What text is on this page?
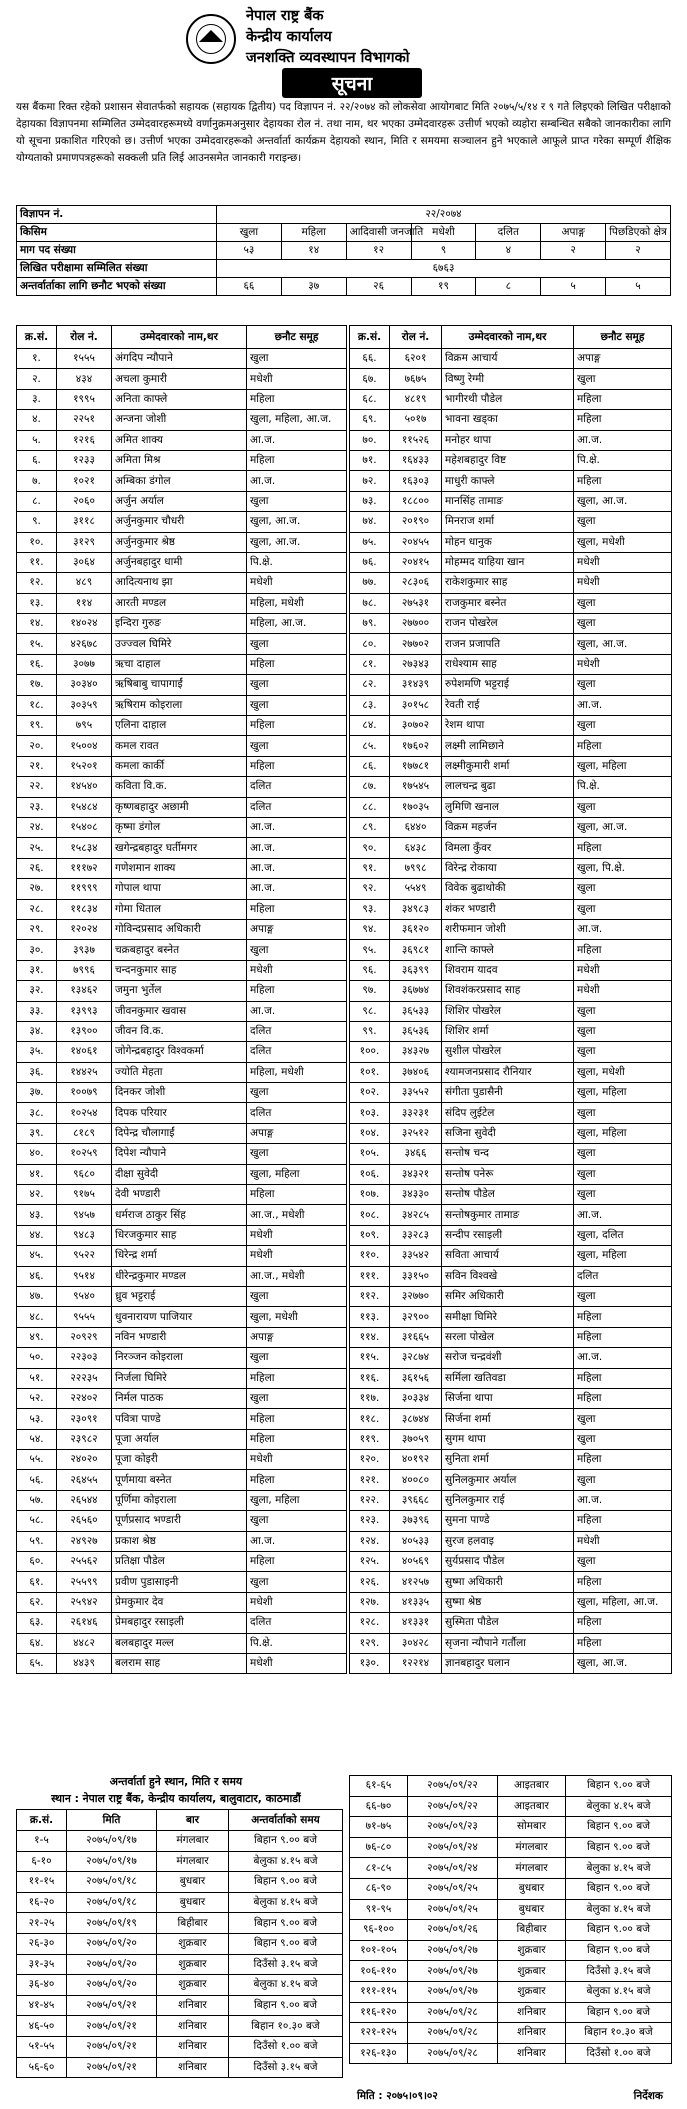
नेपाल राष्ट्र बैंक
केन्द्रीय कार्यालय
जनशक्ति व्यवस्थापन विभागको
सूचना
यस बैंकमा रिक्त रहेको प्रशासन सेवातर्फको सहायक (सहायक द्वितीय) पद विज्ञापन नं. २२/२०७४ को लोकसेवा आयोगबाट मिति २०७५/५/१४ र ९ गते लिइएको लिखित परीक्षाको देहायका विज्ञापनमा सम्मिलित उम्मेदवारहरूमध्ये वर्णानुक्रमअनुसार देहायका रोल नं. तथा नाम, थर भएका उम्मेदवारहरू उत्तीर्ण भएको व्यहोरा सम्बन्धित सबैको जानकारीका लागि यो सूचना प्रकाशित गरिएको छ। उत्तीर्ण भएका उम्मेदवारहरूको अन्तर्वार्ता कार्यक्रम देहायको स्थान, मिति र समयमा सञ्चालन हुने भएकाले आफूले प्राप्त गरेका सम्पूर्ण शैक्षिक योग्यताको प्रमाणपत्रहरूको सक्कली प्रति लिई आउनसमेत जानकारी गराइन्छ।
विज्ञापन नं.	२२/२०७४						
किसिम	खुला	महिला	आदिवासी जनजाति	मधेशी	दलित	अपाङ्ग	पिछडिएको क्षेत्र
माग पद संख्या	५३	१४	१२	९	४	२	२
लिखित परीक्षामा सम्मिलित संख्या	६७६३						
अन्तर्वार्ताका लागि छनौट भएको संख्या	६६	३७	२६	१९	८	५	५
क्र.सं.	रोल नं.	उम्मेदवारको नाम,थर	छनौट समूह
१.	१५५५	अंगदिप न्यौपाने	खुला
२.	४३४	अचला कुमारी	मधेशी
३.	१९९५	अनिता काफ्ले	महिला
४.	२२५१	अन्जना जोशी	खुला, महिला, आ.ज.
५.	१२१६	अमित शाक्य	आ.ज.
६.	१२३३	अमिता मिश्र	महिला
७.	१०२१	अम्बिका डंगोल	आ.ज.
८.	२०६०	अर्जुन अर्याल	खुला
९.	३११८	अर्जुनकुमार चौधरी	खुला, आ.ज.
१०.	३१२९	अर्जुनकुमार श्रेष्ठ	खुला, आ.ज.
११.	३०६४	अर्जुनबहादुर धामी	पि.क्षे.
१२.	४८९	आदित्यनाथ झा	मधेशी
१३.	११४	आरती मण्डल	महिला, मधेशी
१४.	१४०२४	इन्दिरा गुरुङ	महिला, आ.ज.
१५.	४२६७८	उज्ज्वल घिमिरे	खुला
१६.	३०७७	ऋचा दाहाल	महिला
१७.	३०३४०	ऋषिबाबु चापागाईं	खुला
१८.	३०३५९	ऋषिराम कोइराला	खुला
१९.	७९५	एलिना दाहाल	महिला
२०.	१५००४	कमल रावत	खुला
२१.	१५२०१	कमला कार्की	महिला
२२.	१४५४०	कविता वि.क.	दलित
२३.	१५४८४	कृष्णबहादुर अछामी	दलित
२४.	१५४०८	कृष्मा डंगोल	आ.ज.
२५.	१५८३४	खगेन्द्रबहादुर घर्तीमगर	आ.ज.
२६.	१११७२	गणेशमान शाक्य	आ.ज.
२७.	११९९९	गोपाल थापा	आ.ज.
२८.	११८३४	गोमा धिताल	महिला
२९.	१२०२४	गोविन्दप्रसाद अधिकारी	अपाङ्ग
३०.	३९३७	चक्रबहादुर बस्नेत	खुला
३१.	७९९६	चन्दनकुमार साह	मधेशी
३२.	१३४६२	जमुना भुर्तेल	महिला
३३.	१३९९३	जीवनकुमार खवास	आ.ज.
३४.	१३९००	जीवन वि.क.	दलित
३५.	१४०६१	जोगेन्द्रबहादुर विश्वकर्मा	दलित
३६.	१४४२५	ज्योति मेहता	महिला, मधेशी
३७.	१००७९	दिनकर जोशी	खुला
३८.	१०२५४	दिपक परियार	दलित
३९.	८१८९	दिपेन्द्र चौलागाईं	अपाङ्ग
४०.	१०२५९	दिपेश न्यौपाने	खुला
४१.	९६८०	दीक्षा सुवेदी	खुला, महिला
४२.	९१७५	देवी भण्डारी	महिला
४३.	९४५७	धर्मराज ठाकुर सिंह	आ.ज., मधेशी
४४.	९४८३	धिरजकुमार साह	मधेशी
४५.	९५२२	धिरेन्द्र शर्मा	मधेशी
४६.	९५१४	धीरेन्द्रकुमार मण्डल	आ.ज., मधेशी
४७.	९५४०	ध्रुव भट्टराई	खुला
४८.	९५५५	धुवनारायण पाजियार	खुला, मधेशी
४९.	२०९२९	नविन भण्डारी	अपाङ्ग
५०.	२२३०३	निरञ्जन कोइराला	खुला
५१.	२२२३५	निर्जला घिमिरे	महिला
५२.	२२४०२	निर्मल पाठक	खुला
५३.	२३०९१	पवित्रा पाण्डे	महिला
५४.	२३९८२	पूजा अर्याल	महिला
५५.	२४०२०	पूजा कोइरी	मधेशी
५६.	२६४५५	पूर्णमाया बस्नेत	महिला
५७.	२६५४४	पूर्णिमा कोइराला	खुला, महिला
५८.	२६५६०	पूर्णप्रसाद भण्डारी	खुला
५९.	२४९२७	प्रकाश श्रेष्ठ	आ.ज.
६०.	२५५६२	प्रतिक्षा पौडेल	महिला
६१.	२५५९९	प्रवीण पुडासाइनी	खुला
६२.	२५९४२	प्रेमकुमार देव	मधेशी
६३.	२६१४६	प्रेमबहादुर रसाइली	दलित
६४.	४४८२	बलबहादुर मल्ल	पि.क्षे.
६५.	४४३९	बलराम साह	मधेशी
क्र.सं.	रोल नं.	उम्मेदवारको नाम,थर	छनौट समूह
६६.	६२०१	विक्रम आचार्य	अपाङ्ग
६७.	७६७५	विष्णु रेग्मी	खुला
६८.	४८१९	भागीरथी पौडेल	महिला
६९.	५०१७	भावना खड्का	महिला
७०.	११५२६	मनोहर थापा	आ.ज.
७१.	१६४३३	महेशबहादुर विष्ट	पि.क्षे.
७२.	१६३०३	माधुरी काफ्ले	महिला
७३.	१८८००	मानसिंह तामाङ	खुला, आ.ज.
७४.	२०१९०	मिनराज शर्मा	खुला
७५.	२०४५५	मोहन धानुक	खुला, मधेशी
७६.	२०४१५	मोहम्मद याहिया खान	मधेशी
७७.	२८३०६	राकेशकुमार साह	मधेशी
७८.	२७५३१	राजकुमार बस्नेत	खुला
७९.	२७७००	राजन पोखरेल	खुला
८०.	२७७०२	राजन प्रजापति	खुला, आ.ज.
८१.	२७३४३	राधेश्याम साह	मधेशी
८२.	३१४३९	रुपेशमणि भट्टराई	खुला
८३.	३०१५८	रेवती राई	आ.ज.
८४.	३०७०२	रेशम थापा	खुला
८५.	१७६०२	लक्ष्मी लामिछाने	महिला
८६.	१७७८१	लक्ष्मीकुमारी शर्मा	खुला, महिला
८७.	१७५४५	लालचन्द्र बुढा	पि.क्षे.
८८.	१७०३५	लुमिणि खनाल	खुला
८९.	६४४०	विक्रम महर्जन	खुला, आ.ज.
९०.	६४३८	विमला कुँवर	महिला
९१.	७९९८	विरेन्द्र रोकाया	खुला, पि.क्षे.
९२.	५५४९	विवेक बुढाथोकी	खुला
९३.	३४९८३	शंकर भण्डारी	खुला
९४.	३६१२०	शरीफमान जोशी	आ.ज.
९५.	३६९८१	शान्ति काफ्ले	महिला
९६.	३६३९९	शिवराम यादव	मधेशी
९७.	३६७७४	शिवशंकरप्रसाद साह	मधेशी
९८.	३६५३३	शिशिर पोखरेल	खुला
९९.	३६५३६	शिशिर शर्मा	खुला
१००.	३४३२७	सुशील पोखरेल	खुला
१०१.	३७४०६	श्यामजनप्रसाद रौनियार	खुला, मधेशी
१०२.	३३५५२	संगीता पुडासैनी	खुला, महिला
१०३.	३३२३१	संदिप लुईटेल	खुला
१०४.	३२५१२	सजिना सुवेदी	खुला, महिला
१०५.	३४६६	सन्तोष चन्द	खुला
१०६.	३४३२१	सन्तोष पनेरू	खुला
१०७.	३४३३०	सन्तोष पौडेल	खुला
१०८.	३४२८५	सन्तोषकुमार तामाङ	आ.ज.
१०९.	३३२८३	सन्दीप रसाइली	खुला, दलित
११०.	३३५४२	सविता आचार्य	खुला, महिला
१११.	३३१५०	सविन विश्वखे	दलित
११२.	३२७७०	समिर अधिकारी	खुला
११३.	३२९००	समीक्षा घिमिरे	महिला
११४.	३१६६५	सरला पोखेल	महिला
११५.	३२८७४	सरोज चन्द्रवंशी	आ.ज.
११६.	३६१५६	सर्मिला खतिवडा	महिला
११७.	३०३३४	सिर्जना थापा	महिला
११८.	३८७४४	सिर्जना शर्मा	खुला
११९.	३७०५९	सुगम थापा	खुला
१२०.	४०१९२	सुनिता शर्मा	महिला
१२१.	४००८०	सुनिलकुमार अर्याल	खुला
१२२.	३९६६८	सुनिलकुमार राई	आ.ज.
१२३.	३७३९६	सुमना पाण्डे	महिला
१२४.	४०५३३	सुरज हलवाइ	मधेशी
१२५.	४०५६९	सुर्यप्रसाद पौडेल	खुला
१२६.	४१२५७	सुष्मा अधिकारी	महिला
१२७.	४१३३५	सुष्मा श्रेष्ठ	खुला, महिला, आ.ज.
१२८.	४१३३१	सुस्मिता पौडेल	महिला
१२९.	३०४२८	सृजना न्यौपाने गर्तौला	महिला
१३०.	१२२१४	ज्ञानबहादुर घलान	खुला, आ.ज.
अन्तर्वार्ता हुने स्थान, मिति र समय
स्थान : नेपाल राष्ट्र बैंक, केन्द्रीय कार्यालय, बालुवाटार, काठमाडौं
क्र.सं.	मिति	बार	अन्तर्वार्ताको समय
१-५	२०७५/०९/१७	मंगलबार	बिहान ९.०० बजे
६-१०	२०७५/०९/१७	मंगलबार	बेलुका ४.१५ बजे
११-१५	२०७५/०९/१८	बुधबार	बिहान ९.०० बजे
१६-२०	२०७५/०९/१८	बुधबार	बेलुका ४.१५ बजे
२१-२५	२०७५/०९/१९	बिहीबार	बिहान ९.०० बजे
२६-३०	२०७५/०९/२०	शुक्रबार	बिहान ९.०० बजे
३१-३५	२०७५/०९/२०	शुक्रबार	दिउँसो ३.१५ बजे
३६-४०	२०७५/०९/२०	शुक्रबार	बेलुका ४.१५ बजे
४१-४५	२०७५/०९/२१	शनिबार	बिहान ९.०० बजे
४६-५०	२०७५/०९/२१	शनिबार	बिहान १०.३० बजे
५१-५५	२०७५/०९/२१	शनिबार	दिउँसो १.०० बजे
५६-६०	२०७५/०९/२१	शनिबार	दिउँसो ३.१५ बजे
६१-६५	२०७५/०९/२२	आइतबार	बिहान ९.०० बजे
६६-७०	२०७५/०९/२२	आइतबार	बेलुका ४.१५ बजे
७१-७५	२०७५/०९/२३	सोमबार	बिहान ९.०० बजे
७६-८०	२०७५/०९/२४	मंगलबार	बिहान ९.०० बजे
८१-८५	२०७५/०९/२४	मंगलबार	बेलुका ४.१५ बजे
८६-९०	२०७५/०९/२५	बुधबार	बिहान ९.०० बजे
९१-९५	२०७५/०९/२५	बुधबार	बेलुका ४.१५ बजे
९६-१००	२०७५/०९/२६	बिहीबार	बिहान ९.०० बजे
१०१-१०५	२०७५/०९/२७	शुक्रबार	बिहान ९.०० बजे
१०६-११०	२०७५/०९/२७	शुक्रबार	दिउँसो ३.१५ बजे
१११-११५	२०७५/०९/२७	शुक्रबार	बेलुका ४.१५ बजे
११६-१२०	२०७५/०९/२८	शनिबार	बिहान ९.०० बजे
१२१-१२५	२०७५/०९/२८	शनिबार	बिहान १०.३० बजे
१२६-१३०	२०७५/०९/२८	शनिबार	दिउँसो १.०० बजे
मिति : २०७५।०९।०२	निर्देशक
